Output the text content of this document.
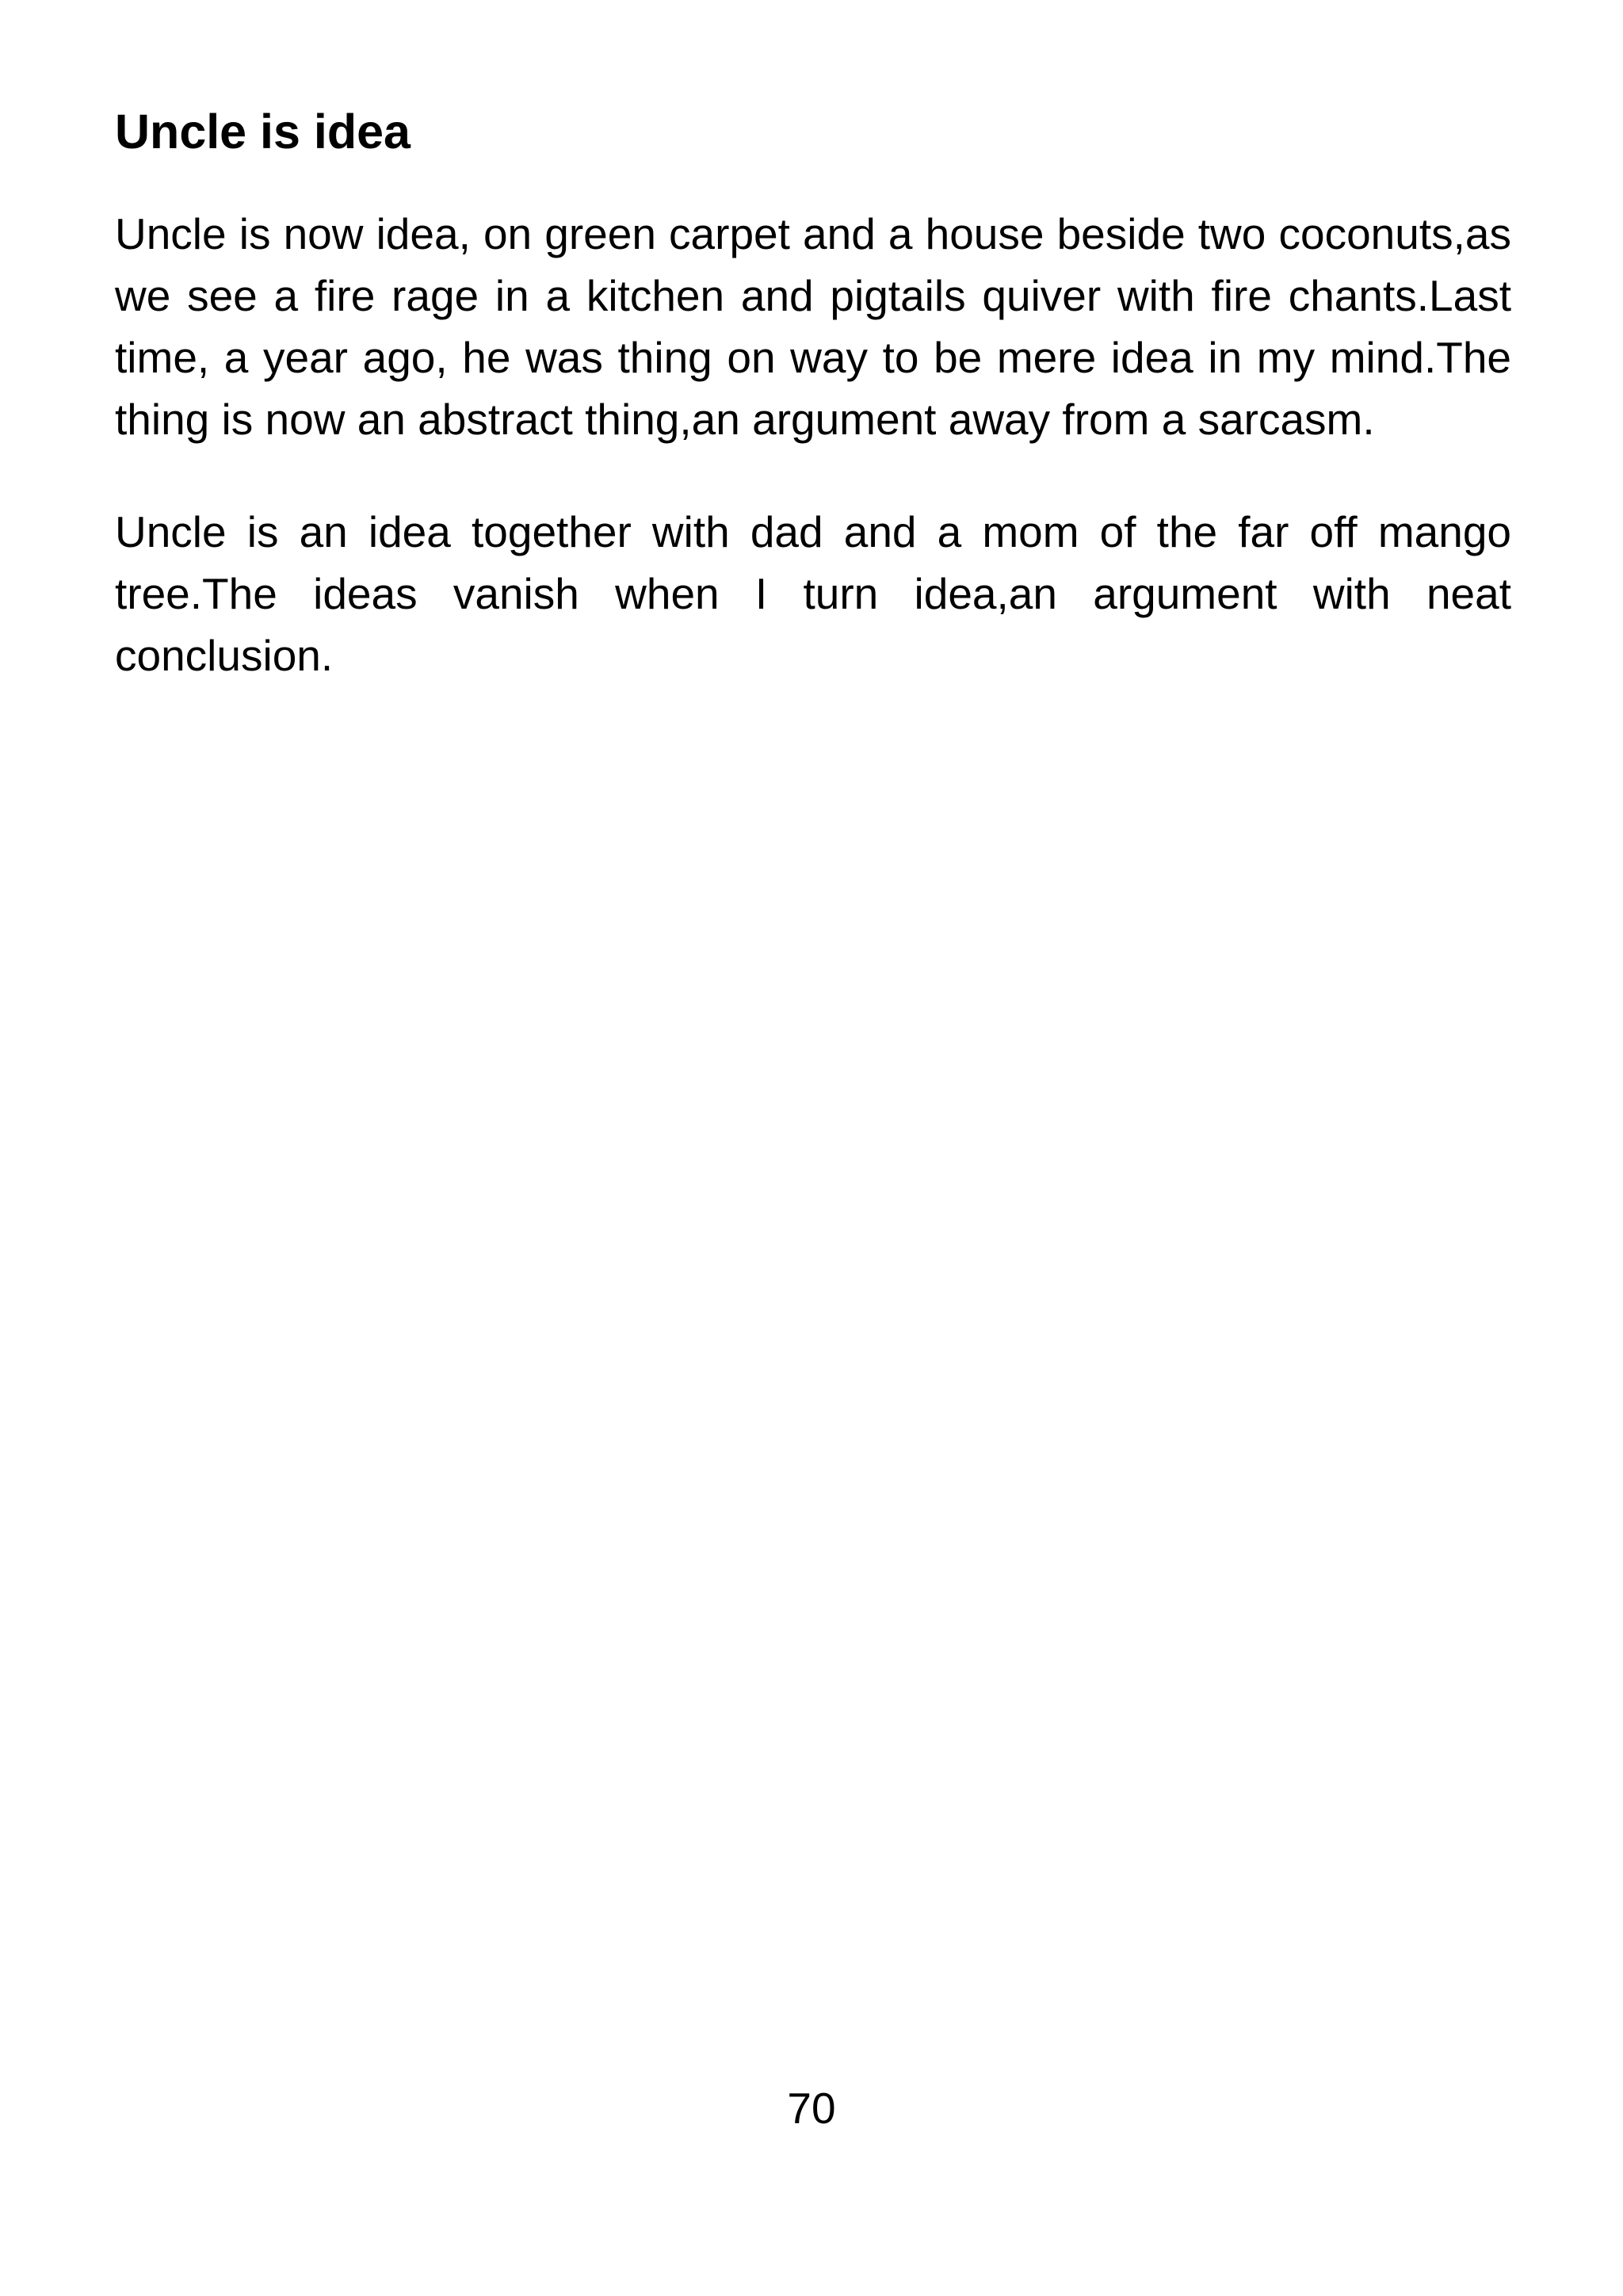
Uncle is idea

Uncle is now idea, on green carpet and a house beside two coconuts,as we see a fire rage in a kitchen and pigtails quiver with fire chants.Last time, a year ago, he was thing on way to be mere idea in my mind.The thing is now an abstract thing,an argument away from a sarcasm.

Uncle is an idea together with dad and a mom of the far off mango tree.The ideas vanish when I turn idea,an argument with neat conclusion.

70
